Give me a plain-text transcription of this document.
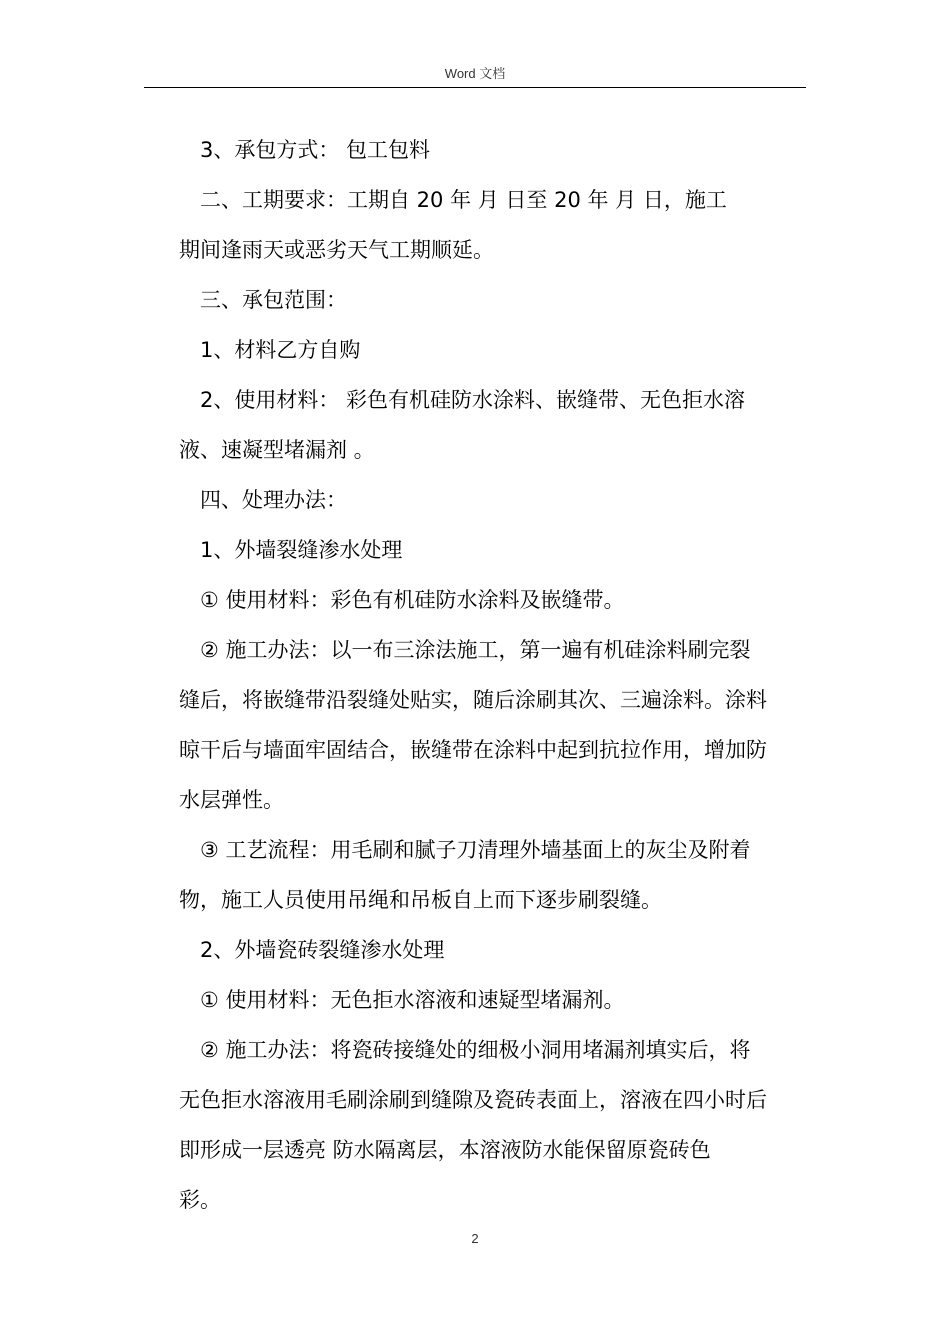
Word 文档

3、承包方式： 包工包料

二、工期要求：工期自 20 年 月 日至 20 年 月 日，施工
期间逢雨天或恶劣天气工期顺延。

三、承包范围：

1、材料乙方自购

2、使用材料： 彩色有机硅防水涂料、嵌缝带、无色拒水溶
液、速凝型堵漏剂 。

四、处理办法：

1、外墙裂缝渗水处理

① 使用材料：彩色有机硅防水涂料及嵌缝带。

② 施工办法：以一布三涂法施工，第一遍有机硅涂料刷完裂
缝后，将嵌缝带沿裂缝处贴实，随后涂刷其次、三遍涂料。涂料
晾干后与墙面牢固结合，嵌缝带在涂料中起到抗拉作用，增加防
水层弹性。

③ 工艺流程：用毛刷和腻子刀清理外墙基面上的灰尘及附着
物，施工人员使用吊绳和吊板自上而下逐步刷裂缝。

2、外墙瓷砖裂缝渗水处理

① 使用材料：无色拒水溶液和速疑型堵漏剂。

② 施工办法：将瓷砖接缝处的细极小洞用堵漏剂填实后，将
无色拒水溶液用毛刷涂刷到缝隙及瓷砖表面上，溶液在四小时后
即形成一层透亮 防水隔离层，本溶液防水能保留原瓷砖色
彩。

2
